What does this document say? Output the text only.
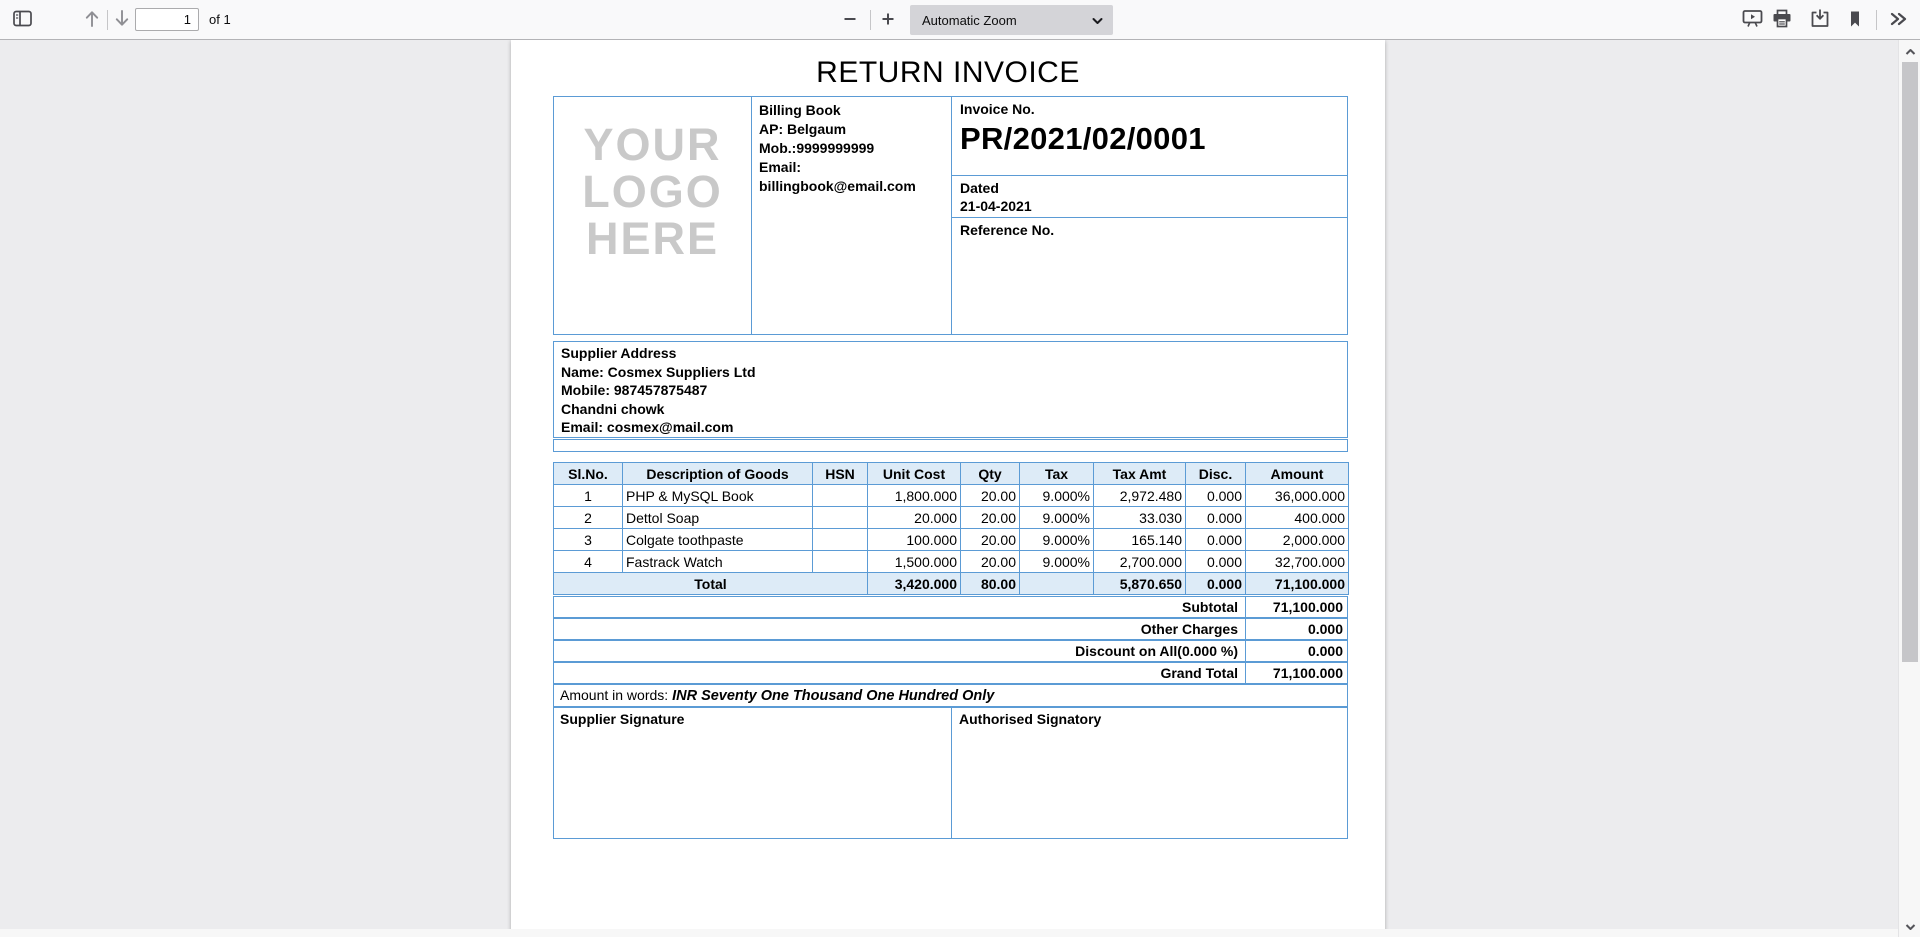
1
of 1	Automatic Zoom
RETURN INVOICE
YOUR
LOGO
HERE
Billing Book
AP: Belgaum
Mob.:9999999999
Email:
billingbook@email.com
Invoice No.
PR/2021/02/0001
Dated
21-04-2021
Reference No.
Supplier Address
Name: Cosmex Suppliers Ltd
Mobile: 987457875487
Chandni chowk
Email: cosmex@mail.com
Sl.No.	Description of Goods	HSN	Unit Cost	Qty	Tax	Tax Amt	Disc.	Amount
1	PHP & MySQL Book		1,800.000	20.00	9.000%	2,972.480	0.000	36,000.000
2	Dettol Soap		20.000	20.00	9.000%	33.030	0.000	400.000
3	Colgate toothpaste		100.000	20.00	9.000%	165.140	0.000	2,000.000
4	Fastrack Watch		1,500.000	20.00	9.000%	2,700.000	0.000	32,700.000
Total			3,420.000	80.00		5,870.650	0.000	71,100.000
Subtotal	71,100.000
Other Charges	0.000
Discount on All(0.000 %)	0.000
Grand Total	71,100.000
Amount in words: INR Seventy One Thousand One Hundred Only
Supplier Signature	Authorised Signatory
